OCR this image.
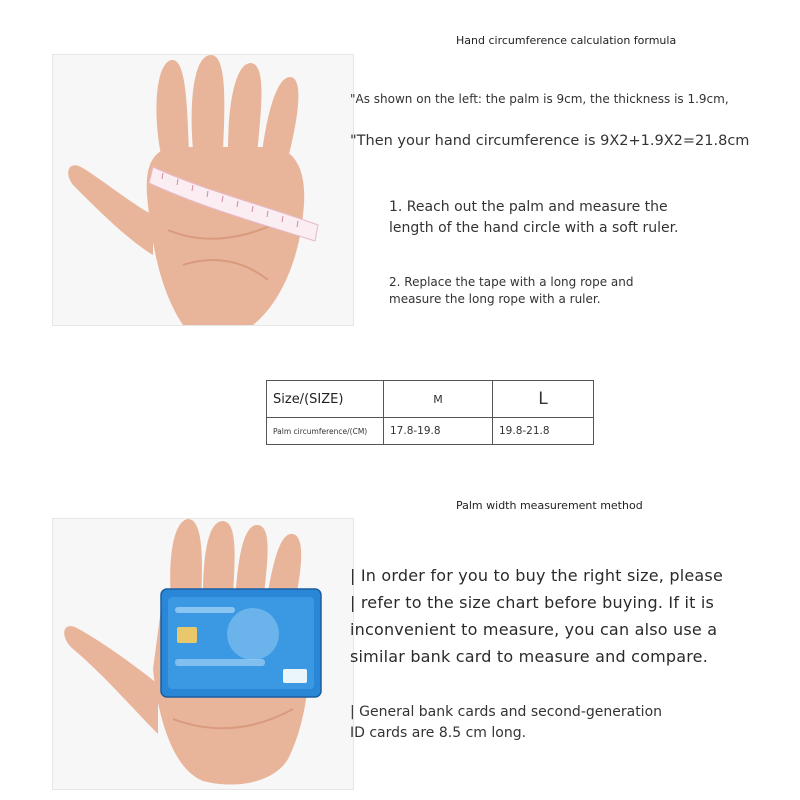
Hand circumference calculation formula
"As shown on the left: the palm is 9cm, the thickness is 1.9cm,
"Then your hand circumference is 9X2+1.9X2=21.8cm
1. Reach out the palm and measure the
length of the hand circle with a soft ruler.
2. Replace the tape with a long rope and
measure the long rope with a ruler.
Size/(SIZE)	M	L
Palm circumference/(CM)	17.8-19.8	19.8-21.8
Palm width measurement method
| In order for you to buy the right size, please
| refer to the size chart before buying. If it is
inconvenient to measure, you can also use a
similar bank card to measure and compare.
| General bank cards and second-generation
ID cards are 8.5 cm long.
